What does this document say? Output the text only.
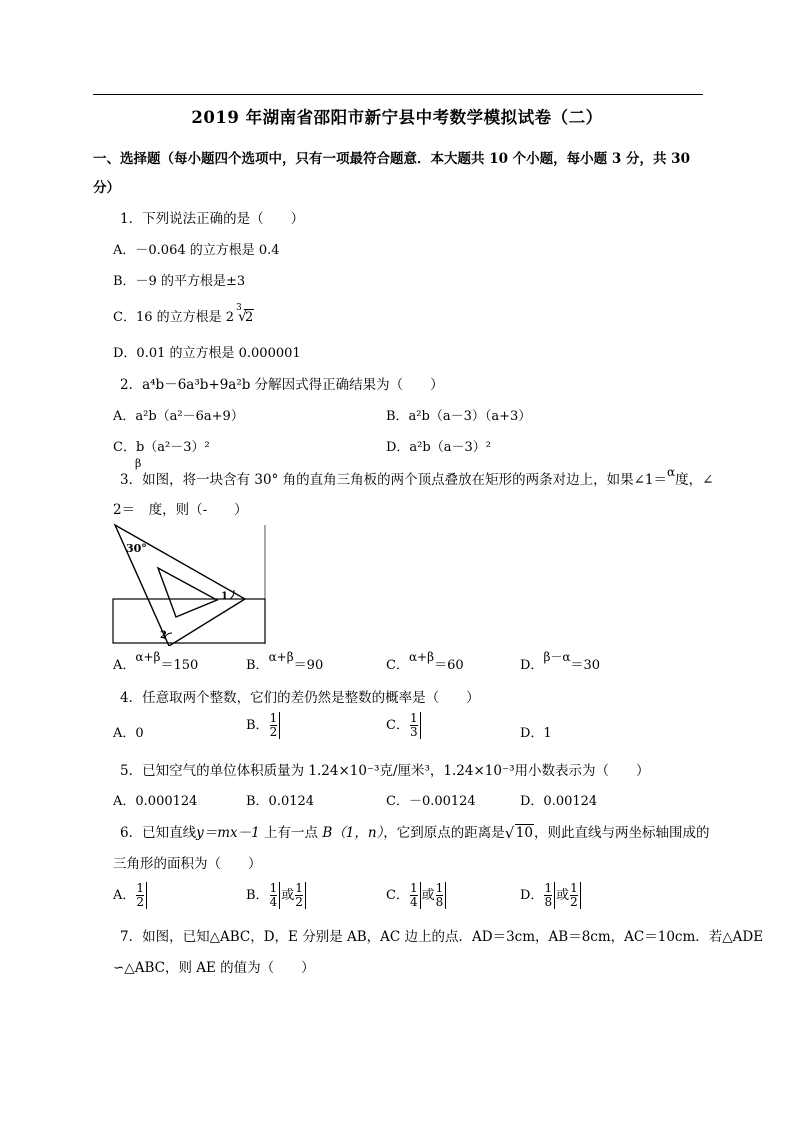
2019 年湖南省邵阳市新宁县中考数学模拟试卷（二）
一、选择题（每小题四个选项中，只有一项最符合题意．本大题共 10 个小题，每小题 3 分，共 30
分）
1．下列说法正确的是（　　）
A．－0.064 的立方根是 0.4
B．－9 的平方根是±3
C．16 的立方根是 2
3
√
2
D．0.01 的立方根是 0.000001
2．a⁴b－6a³b+9a²b 分解因式得正确结果为（　　）
A．a²b（a²－6a+9）	B．a²b（a－3）（a+3）
C．b（a²－3）²	D．a²b（a－3）²
β
3．如图，将一块含有 30° 角的直角三角板的两个顶点叠放在矩形的两条对边上，如果∠1＝α度，∠
2＝　度，则（-　　）
30°
1
2
A．α+β＝150	B．α+β＝90	C．α+β＝60	D．β－α＝30
4．任意取两个整数，它们的差仍然是整数的概率是（　　）
A．0
B． $\frac{1}{2}$	C． $\frac{1}{3}$	D．1
5．已知空气的单位体积质量为 1.24×10⁻³克/厘米³，1.24×10⁻³用小数表示为（　　）
A．0.000124	B．0.0124	C．－0.00124	D．0.00124
6．已知直线y＝mx－1 上有一点 B（1，n），它到原点的距离是 √ 10，则此直线与两坐标轴围成的
三角形的面积为（　　）
A． $\frac{1}{2}$	B． $\frac{1}{4}$ 或 $\frac{1}{2}$	C． $\frac{1}{4}$ 或 $\frac{1}{8}$	D． $\frac{1}{8}$ 或 $\frac{1}{2}$
7．如图，已知△ABC，D，E 分别是 AB，AC 边上的点．AD＝3cm，AB＝8cm，AC＝10cm．若△ADE
∽△ABC，则 AE 的值为（　　）
